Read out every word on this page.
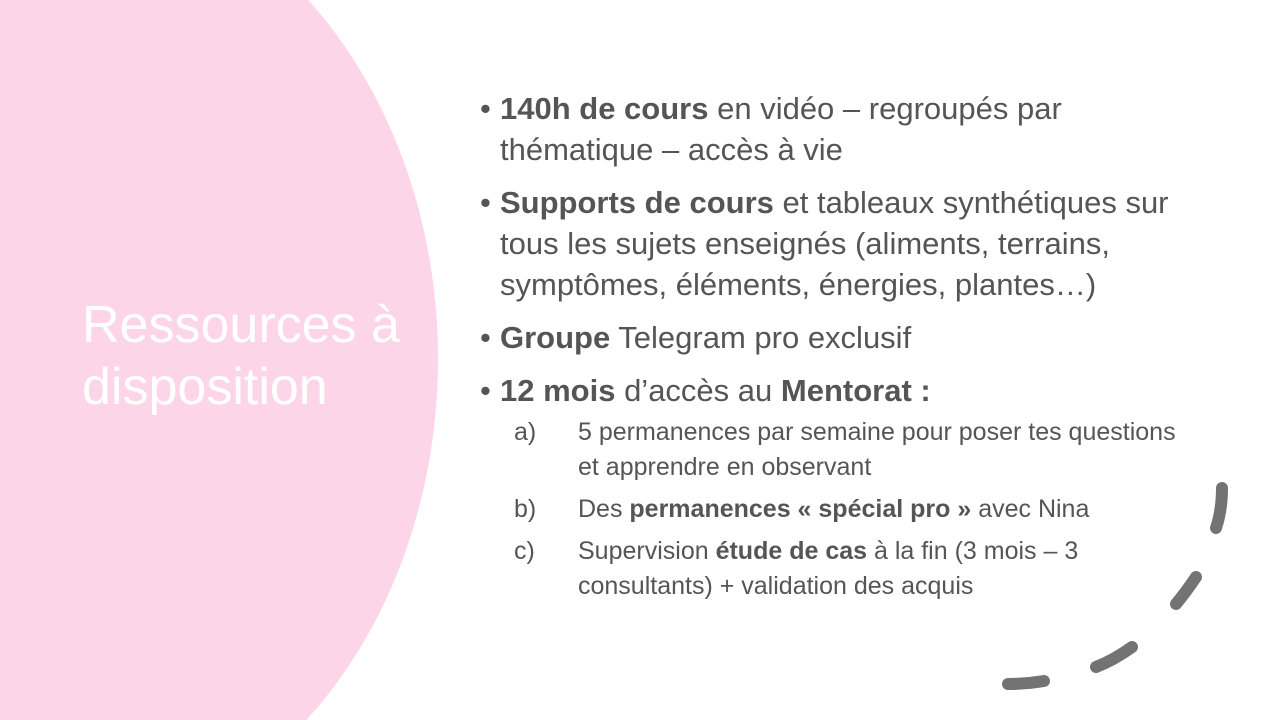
Ressources à disposition
• 140h de cours en vidéo – regroupés par thématique – accès à vie
• Supports de cours et tableaux synthétiques sur tous les sujets enseignés (aliments, terrains, symptômes, éléments, énergies, plantes…)
• Groupe Telegram pro exclusif
• 12 mois d’accès au Mentorat :
a) 5 permanences par semaine pour poser tes questions et apprendre en observant
b) Des permanences « spécial pro » avec Nina
c) Supervision étude de cas à la fin (3 mois – 3 consultants) + validation des acquis
